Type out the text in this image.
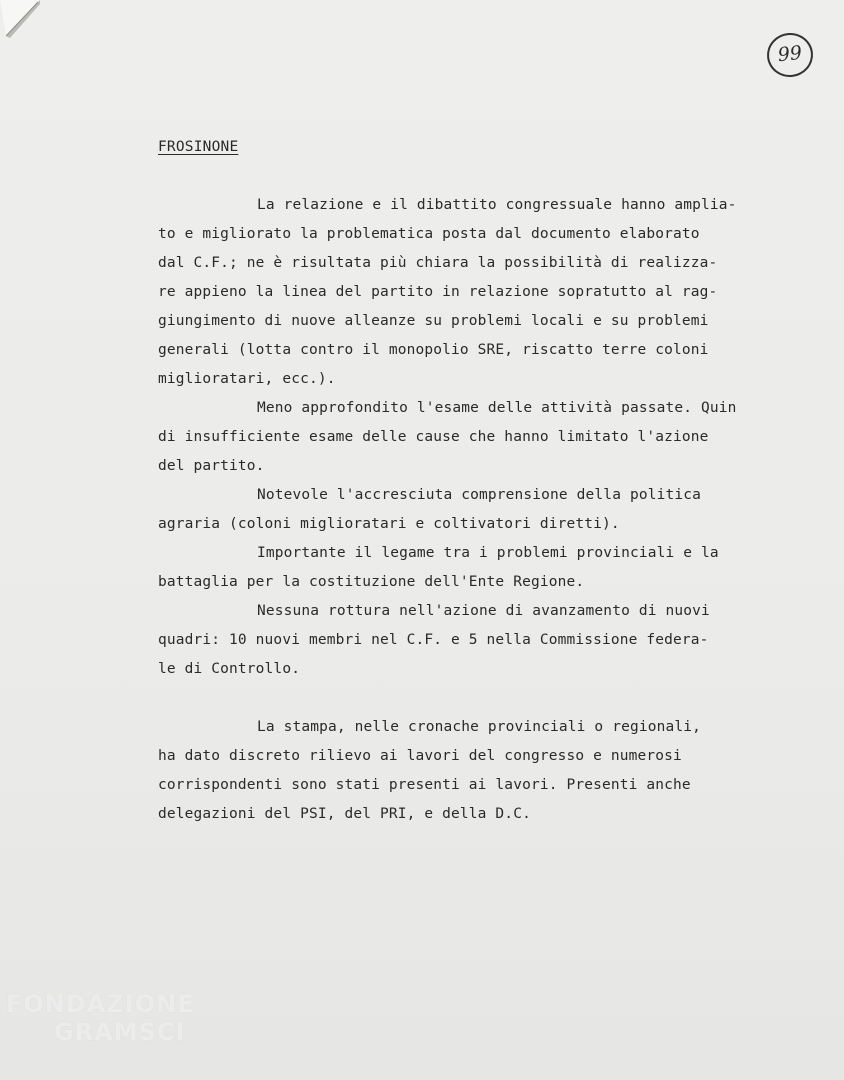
99
FROSINONE
La relazione e il dibattito congressuale hanno amplia-
to e migliorato la problematica posta dal documento elaborato
dal C.F.; ne è risultata più chiara la possibilità di realizza-
re appieno la linea del partito in relazione sopratutto al rag-
giungimento di nuove alleanze su problemi locali e su problemi
generali (lotta contro il monopolio SRE, riscatto terre coloni
miglioratari, ecc.).
Meno approfondito l'esame delle attività passate. Quin
di insufficiente esame delle cause che hanno limitato l'azione
del partito.
Notevole l'accresciuta comprensione della politica
agraria (coloni miglioratari e coltivatori diretti).
Importante il legame tra i problemi provinciali e la
battaglia per la costituzione dell'Ente Regione.
Nessuna rottura nell'azione di avanzamento di nuovi
quadri: 10 nuovi membri nel C.F. e 5 nella Commissione federa-
le di Controllo.
La stampa, nelle cronache provinciali o regionali,
ha dato discreto rilievo ai lavori del congresso e numerosi
corrispondenti sono stati presenti ai lavori. Presenti anche
delegazioni del PSI, del PRI, e della D.C.
FONDAZIONE
GRAMSCI
